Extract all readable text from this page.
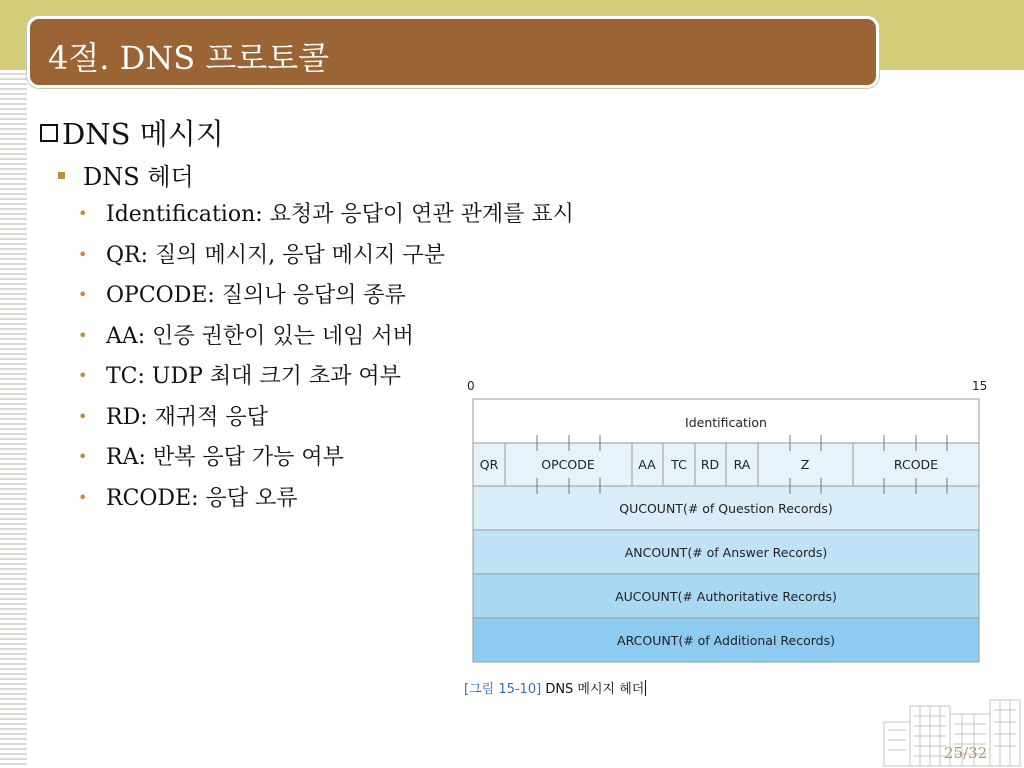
4절. DNS 프로토콜
DNS 메시지
DNS 헤더
• Identification: 요청과 응답이 연관 관계를 표시
• QR: 질의 메시지, 응답 메시지 구분
• OPCODE: 질의나 응답의 종류
• AA: 인증 권한이 있는 네임 서버
• TC: UDP 최대 크기 초과 여부
• RD: 재귀적 응답
• RA: 반복 응답 가능 여부
• RCODE: 응답 오류
0	15
Identification
QR	OPCODE	AA TC RD RA	Z	RCODE
QUCOUNT(# of Question Records)
ANCOUNT(# of Answer Records)
AUCOUNT(# Authoritative Records)
ARCOUNT(# of Additional Records)
[그림 15-10] DNS 메시지 헤더
25/32
